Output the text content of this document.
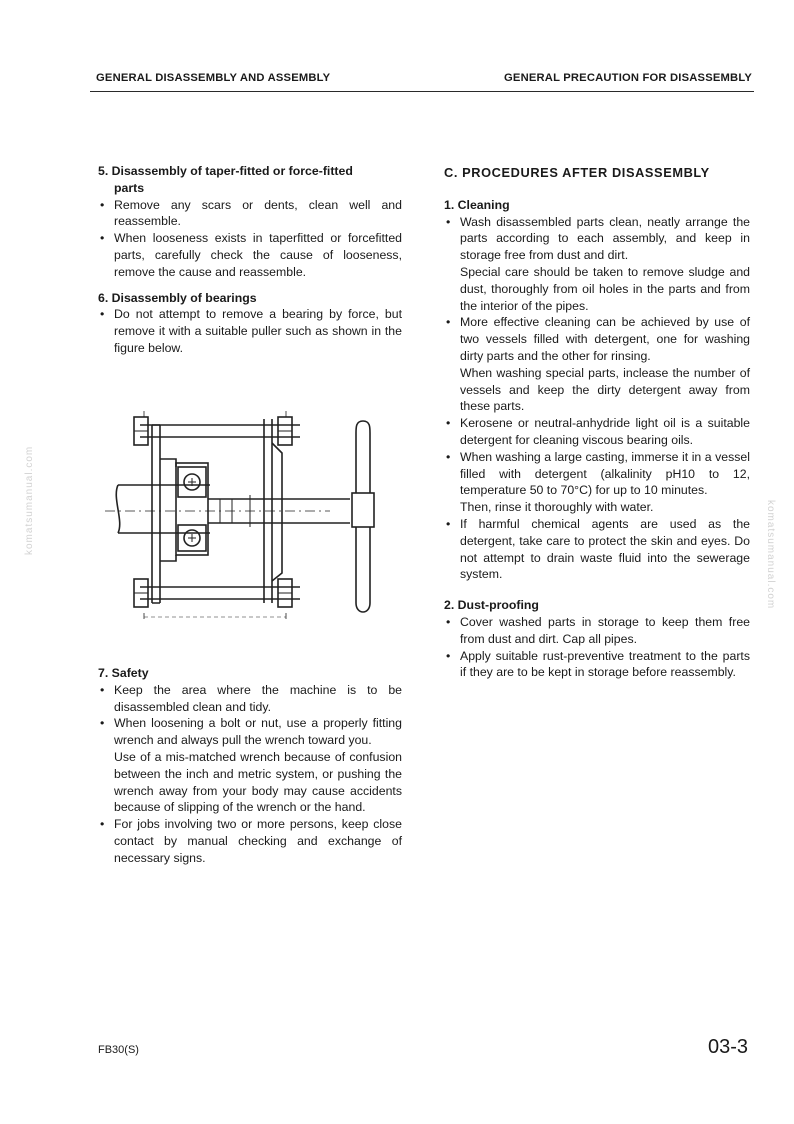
GENERAL DISASSEMBLY AND ASSEMBLY	GENERAL PRECAUTION FOR DISASSEMBLY
komatsumanual.com	komatsumanual.com

5. Disassembly of taper-fitted or force-fitted

parts

• Remove any scars or dents, clean well and reassemble.
• When looseness exists in taperfitted or forcefitted parts, carefully check the cause of looseness, remove the cause and reassemble.

6. Disassembly of bearings

• Do not attempt to remove a bearing by force, but remove it with a suitable puller such as shown in the figure below.

7. Safety

• Keep the area where the machine is to be disassembled clean and tidy.
• When loosening a bolt or nut, use a properly fitting wrench and always pull the wrench toward you.

Use of a mis-matched wrench because of confusion between the inch and metric system, or pushing the wrench away from your body may cause accidents because of slipping of the wrench or the hand.

• For jobs involving two or more persons, keep close contact by manual checking and exchange of necessary signs.

C. PROCEDURES AFTER DISASSEMBLY

1. Cleaning

• Wash disassembled parts clean, neatly arrange the parts according to each assembly, and keep in storage free from dust and dirt.

Special care should be taken to remove sludge and dust, thoroughly from oil holes in the parts and from the interior of the pipes.

• More effective cleaning can be achieved by use of two vessels filled with detergent, one for washing dirty parts and the other for rinsing.

When washing special parts, inclease the number of vessels and keep the dirty detergent away from these parts.

• Kerosene or neutral-anhydride light oil is a suitable detergent for cleaning viscous bearing oils.
• When washing a large casting, immerse it in a vessel filled with detergent (alkalinity pH10 to 12, temperature 50 to 70°C) for up to 10 minutes.

Then, rinse it thoroughly with water.

• If harmful chemical agents are used as the detergent, take care to protect the skin and eyes. Do not attempt to drain waste fluid into the sewerage system.

2. Dust-proofing

• Cover washed parts in storage to keep them free from dust and dirt. Cap all pipes.
• Apply suitable rust-preventive treatment to the parts if they are to be kept in storage before reassembly.
FB30(S)	03-3
